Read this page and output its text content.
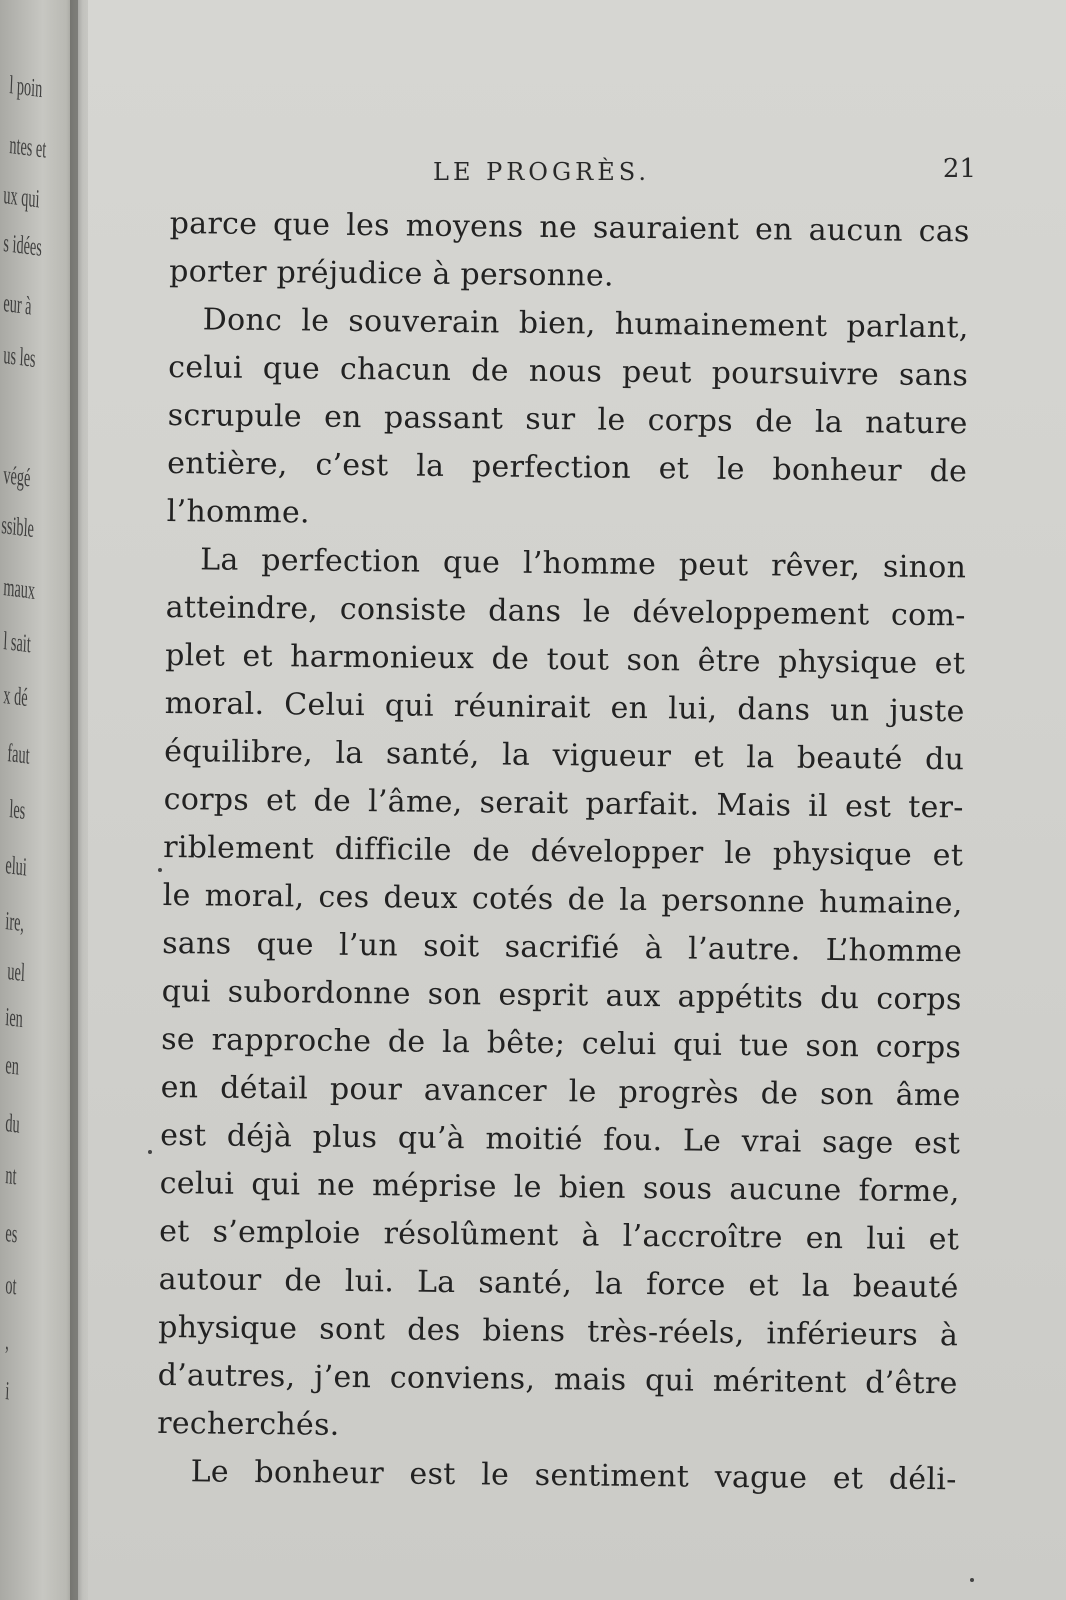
l poin
ntes et
ux qui
s idées
eur à
us les
végé
ssible
maux
l sait
x dé
faut
les
elui
ire,
uel
ien
en
du
nt
es
ot
,
i
LE PROGRÈS.	21
parce que les moyens ne sauraient en aucun cas
porter préjudice à personne.
Donc le souverain bien, humainement parlant,
celui que chacun de nous peut poursuivre sans
scrupule en passant sur le corps de la nature
entière, c’est la perfection et le bonheur de
l’homme.
La perfection que l’homme peut rêver, sinon
atteindre, consiste dans le développement com-
plet et harmonieux de tout son être physique et
moral. Celui qui réunirait en lui, dans un juste
équilibre, la santé, la vigueur et la beauté du
corps et de l’âme, serait parfait. Mais il est ter-
riblement difficile de développer le physique et
le moral, ces deux cotés de la personne humaine,
sans que l’un soit sacrifié à l’autre. L’homme
qui subordonne son esprit aux appétits du corps
se rapproche de la bête; celui qui tue son corps
en détail pour avancer le progrès de son âme
est déjà plus qu’à moitié fou. Le vrai sage est
celui qui ne méprise le bien sous aucune forme,
et s’emploie résolûment à l’accroître en lui et
autour de lui. La santé, la force et la beauté
physique sont des biens très-réels, inférieurs à
d’autres, j’en conviens, mais qui méritent d’être
recherchés.
Le bonheur est le sentiment vague et déli-
